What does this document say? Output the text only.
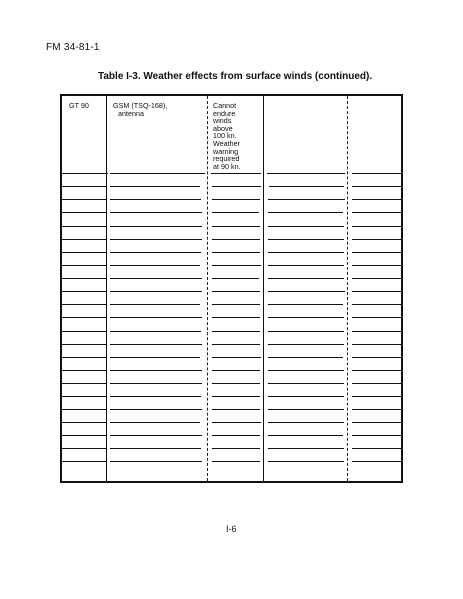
FM 34-81-1
Table I-3. Weather effects from surface winds (continued).
GT 90	GSM (TSQ-168),
antenna
Cannot
endure
winds
above
100 kn.
Weather
warning
required
at 90 kn.
I-6
